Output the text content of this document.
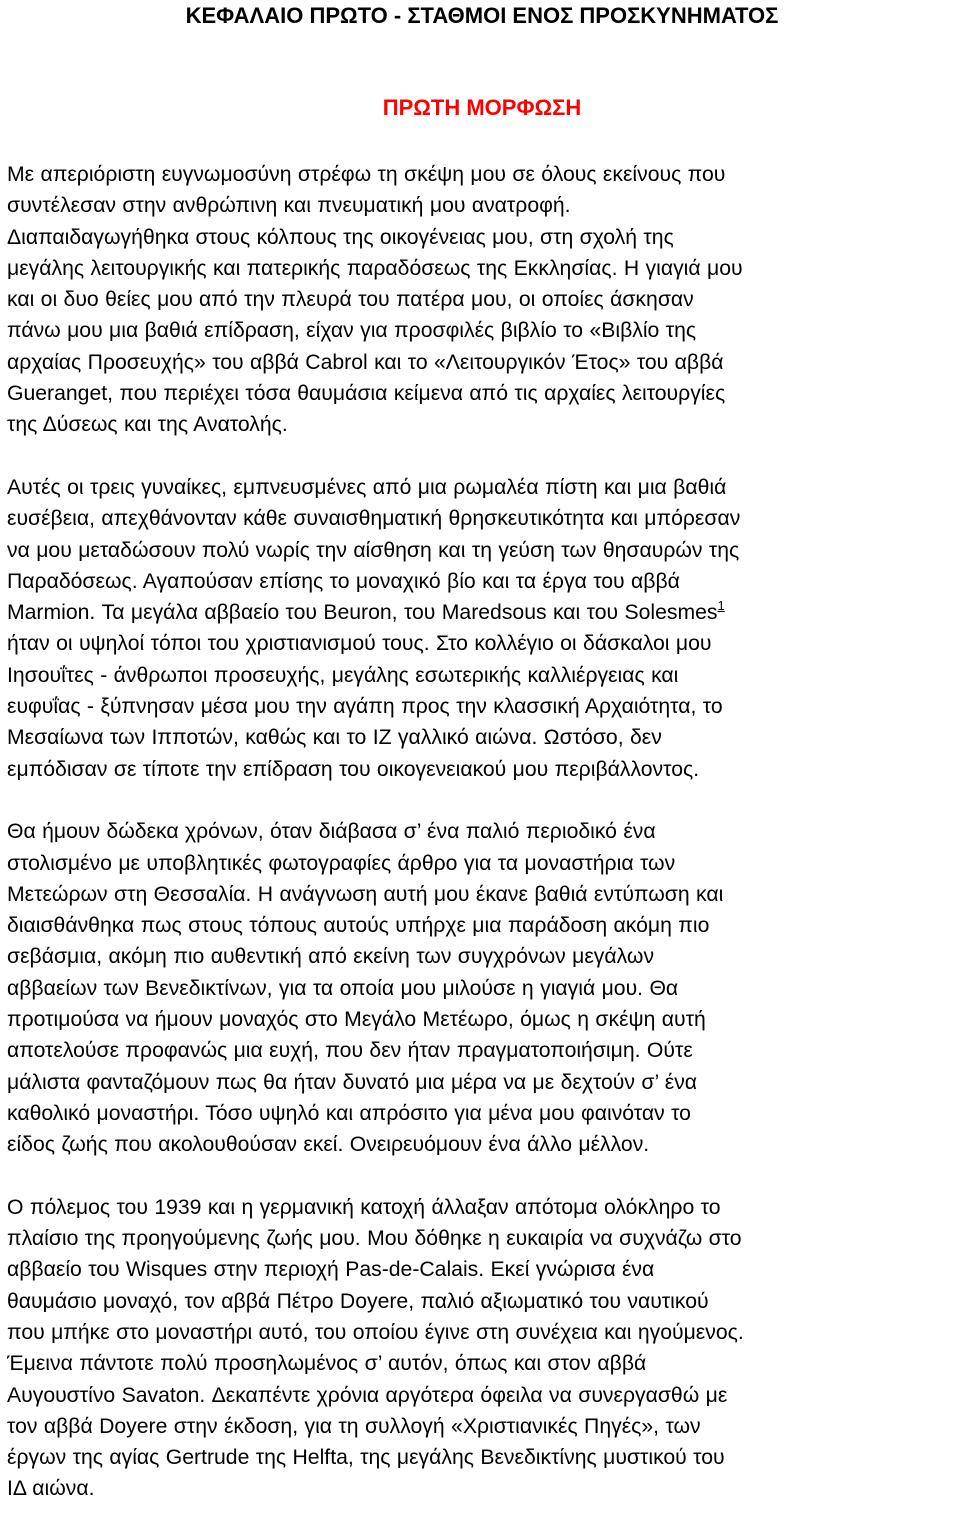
ΚΕΦΑΛΑΙΟ ΠΡΩΤΟ - ΣΤΑΘΜΟΙ ΕΝΟΣ ΠΡΟΣΚΥΝΗΜΑΤΟΣ
ΠΡΩΤΗ ΜΟΡΦΩΣΗ

Με απεριόριστη ευγνωμοσύνη στρέφω τη σκέψη μου σε όλους εκείνους που
συντέλεσαν στην ανθρώπινη και πνευματική μου ανατροφή.
Διαπαιδαγωγήθηκα στους κόλπους της οικογένειας μου, στη σχολή της
μεγάλης λειτουργικής και πατερικής παραδόσεως της Εκκλησίας. Η γιαγιά μου
και οι δυο θείες μου από την πλευρά του πατέρα μου, οι οποίες άσκησαν
πάνω μου μια βαθιά επίδραση, είχαν για προσφιλές βιβλίο το «Βιβλίο της
αρχαίας Προσευχής» του αββά Cabrol και το «Λειτουργικόν Έτος» του αββά
Gueranget, που περιέχει τόσα θαυμάσια κείμενα από τις αρχαίες λειτουργίες
της Δύσεως και της Ανατολής.

Αυτές οι τρεις γυναίκες, εμπνευσμένες από μια ρωμαλέα πίστη και μια βαθιά
ευσέβεια, απεχθάνονταν κάθε συναισθηματική θρησκευτικότητα και μπόρεσαν
να μου μεταδώσουν πολύ νωρίς την αίσθηση και τη γεύση των θησαυρών της
Παραδόσεως. Αγαπούσαν επίσης το μοναχικό βίο και τα έργα του αββά
Marmion. Τα μεγάλα αββαείο του Beuron, του Maredsous και του Solesmes$^1$
ήταν οι υψηλοί τόποι του χριστιανισμού τους. Στο κολλέγιο οι δάσκαλοι μου
Ιησουΐτες - άνθρωποι προσευχής, μεγάλης εσωτερικής καλλιέργειας και
ευφυΐας - ξύπνησαν μέσα μου την αγάπη προς την κλασσική Αρχαιότητα, το
Μεσαίωνα των Ιπποτών, καθώς και το ΙΖ γαλλικό αιώνα. Ωστόσο, δεν
εμπόδισαν σε τίποτε την επίδραση του οικογενειακού μου περιβάλλοντος.

Θα ήμουν δώδεκα χρόνων, όταν διάβασα σ’ ένα παλιό περιοδικό ένα
στολισμένο με υποβλητικές φωτογραφίες άρθρο για τα μοναστήρια των
Μετεώρων στη Θεσσαλία. Η ανάγνωση αυτή μου έκανε βαθιά εντύπωση και
διαισθάνθηκα πως στους τόπους αυτούς υπήρχε μια παράδοση ακόμη πιο
σεβάσμια, ακόμη πιο αυθεντική από εκείνη των συγχρόνων μεγάλων
αββαείων των Βενεδικτίνων, για τα οποία μου μιλούσε η γιαγιά μου. Θα
προτιμούσα να ήμουν μοναχός στο Μεγάλο Μετέωρο, όμως η σκέψη αυτή
αποτελούσε προφανώς μια ευχή, που δεν ήταν πραγματοποιήσιμη. Ούτε
μάλιστα φανταζόμουν πως θα ήταν δυνατό μια μέρα να με δεχτούν σ’ ένα
καθολικό μοναστήρι. Τόσο υψηλό και απρόσιτο για μένα μου φαινόταν το
είδος ζωής που ακολουθούσαν εκεί. Ονειρευόμουν ένα άλλο μέλλον.

Ο πόλεμος του 1939 και η γερμανική κατοχή άλλαξαν απότομα ολόκληρο το
πλαίσιο της προηγούμενης ζωής μου. Μου δόθηκε η ευκαιρία να συχνάζω στο
αββαείο του Wisques στην περιοχή Pas-de-Calais. Εκεί γνώρισα ένα
θαυμάσιο μοναχό, τον αββά Πέτρο Doyere, παλιό αξιωματικό του ναυτικού
που μπήκε στο μοναστήρι αυτό, του οποίου έγινε στη συνέχεια και ηγούμενος.
Έμεινα πάντοτε πολύ προσηλωμένος σ’ αυτόν, όπως και στον αββά
Αυγουστίνο Savaton. Δεκαπέντε χρόνια αργότερα όφειλα να συνεργασθώ με
τον αββά Doyere στην έκδοση, για τη συλλογή «Χριστιανικές Πηγές», των
έργων της αγίας Gertrude της Helfta, της μεγάλης Βενεδικτίνης μυστικού του
ΙΔ αιώνα.
